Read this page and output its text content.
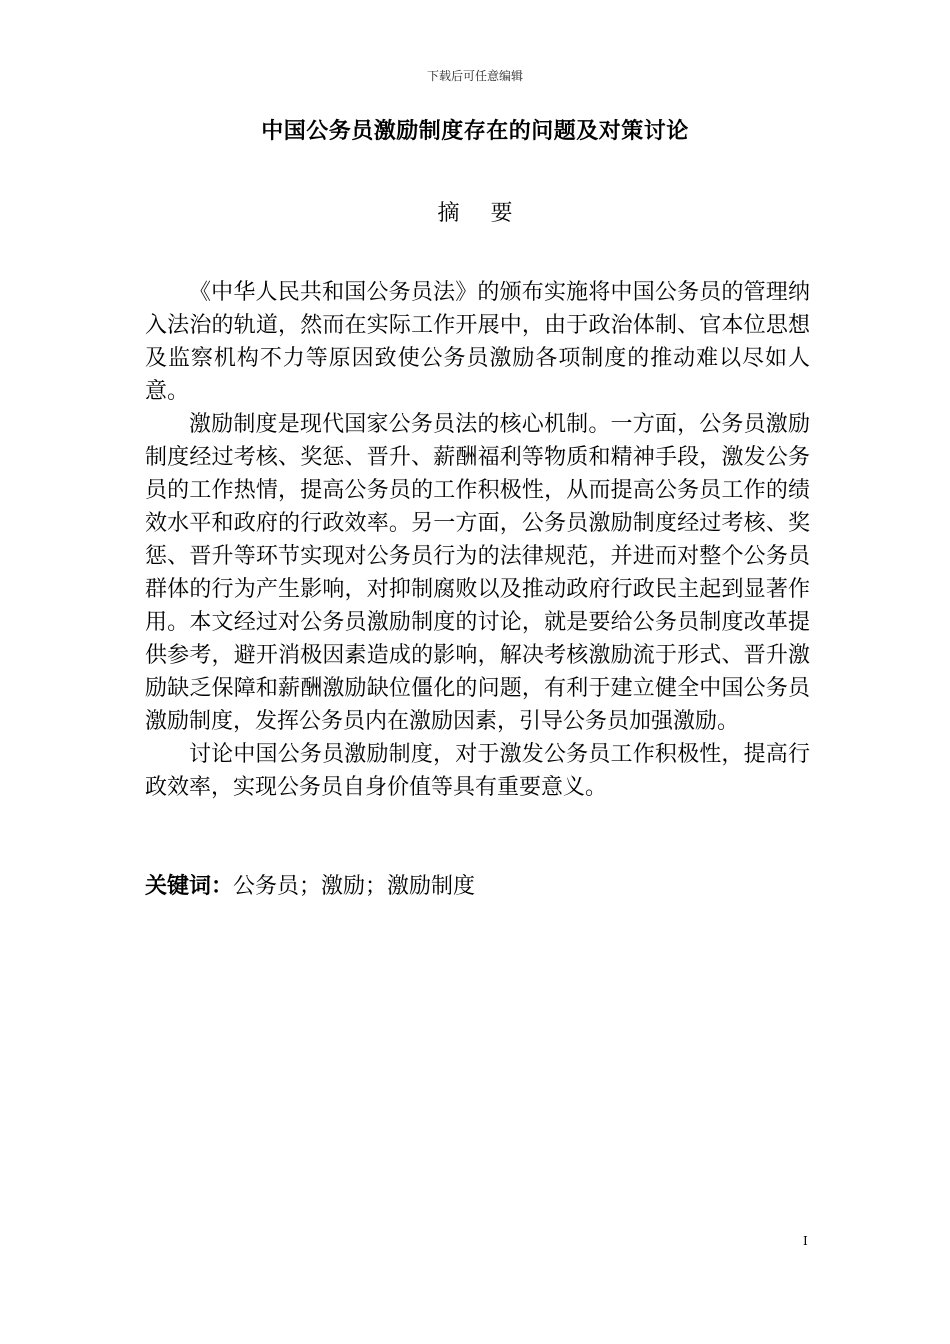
下载后可任意编辑
中国公务员激励制度存在的问题及对策讨论
摘 要

《中华人民共和国公务员法》的颁布实施将中国公务员的管理纳入法治的轨道，然而在实际工作开展中，由于政治体制、官本位思想及监察机构不力等原因致使公务员激励各项制度的推动难以尽如人意。

激励制度是现代国家公务员法的核心机制。一方面，公务员激励制度经过考核、奖惩、晋升、薪酬福利等物质和精神手段，激发公务员的工作热情，提高公务员的工作积极性，从而提高公务员工作的绩效水平和政府的行政效率。另一方面，公务员激励制度经过考核、奖惩、晋升等环节实现对公务员行为的法律规范，并进而对整个公务员群体的行为产生影响，对抑制腐败以及推动政府行政民主起到显著作用。本文经过对公务员激励制度的讨论，就是要给公务员制度改革提供参考，避开消极因素造成的影响，解决考核激励流于形式、晋升激励缺乏保障和薪酬激励缺位僵化的问题，有利于建立健全中国公务员激励制度，发挥公务员内在激励因素，引导公务员加强激励。

讨论中国公务员激励制度，对于激发公务员工作积极性，提高行政效率，实现公务员自身价值等具有重要意义。

关键词：公务员；激励；激励制度
I
